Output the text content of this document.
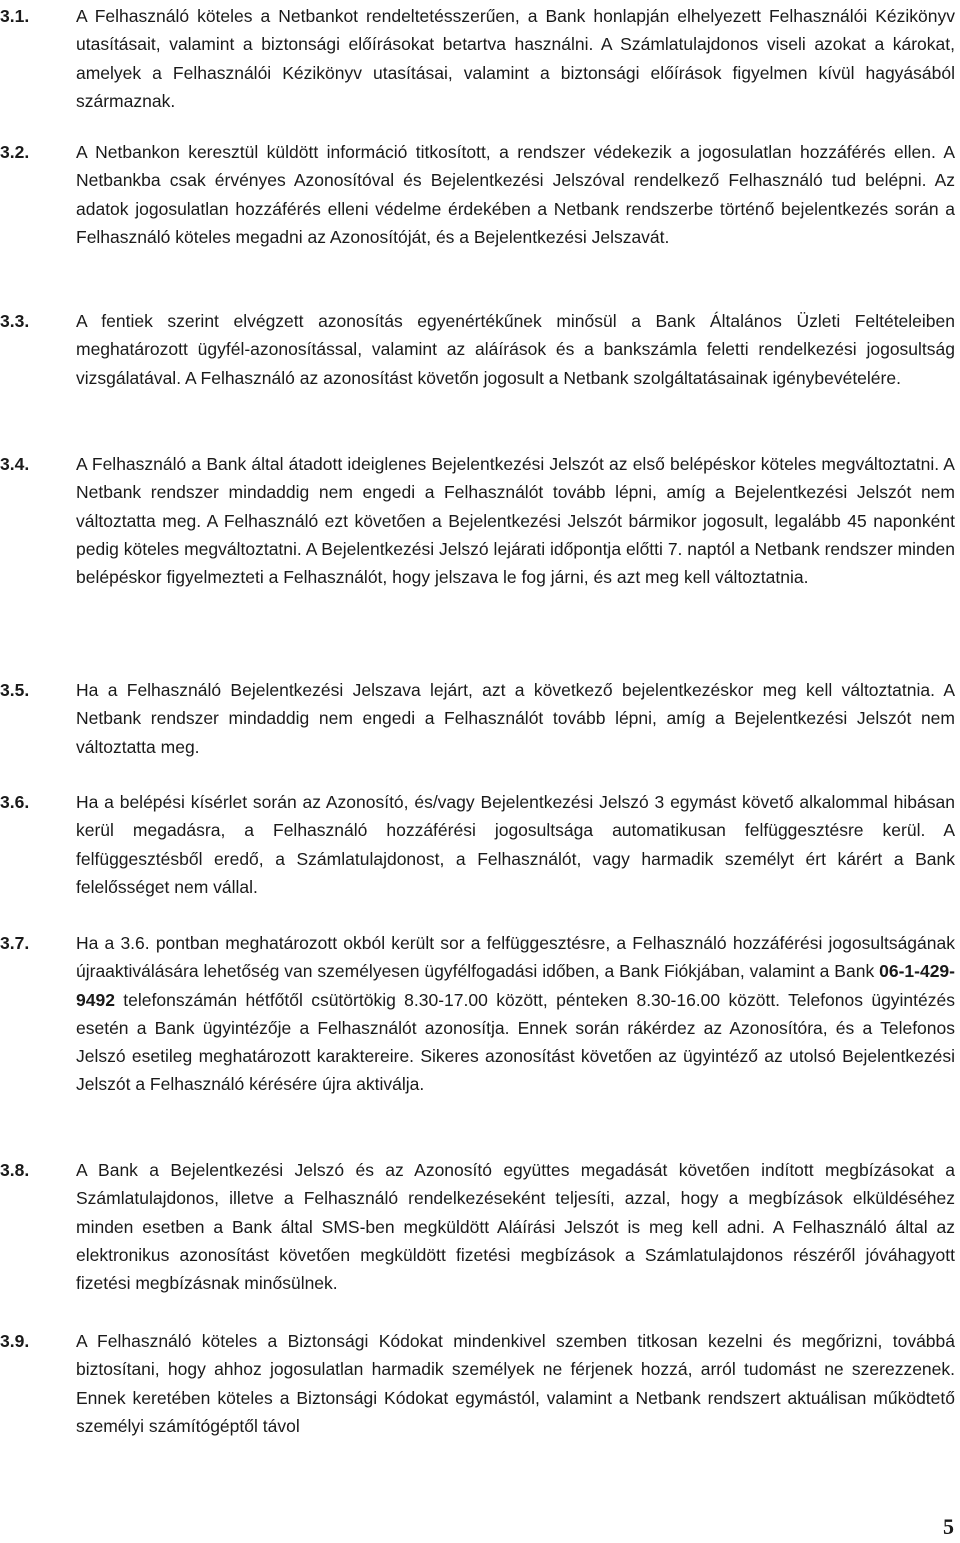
3.1.	A Felhasználó köteles a Netbankot rendeltetésszerűen, a Bank honlapján elhelyezett Felhasználói Kézikönyv utasításait, valamint a biztonsági előírásokat betartva használni. A Számlatulajdonos viseli azokat a károkat, amelyek a Felhasználói Kézikönyv utasításai, valamint a biztonsági előírások figyelmen kívül hagyásából származnak.

3.2.	A Netbankon keresztül küldött információ titkosított, a rendszer védekezik a jogosulatlan hozzáférés ellen. A Netbankba csak érvényes Azonosítóval és Bejelentkezési Jelszóval rendelkező Felhasználó tud belépni. Az adatok jogosulatlan hozzáférés elleni védelme érdekében a Netbank rendszerbe történő bejelentkezés során a Felhasználó köteles megadni az Azonosítóját, és a Bejelentkezési Jelszavát.

3.3.	A fentiek szerint elvégzett azonosítás egyenértékűnek minősül a Bank Általános Üzleti Feltételeiben meghatározott ügyfél-azonosítással, valamint az aláírások és a bankszámla feletti rendelkezési jogosultság vizsgálatával. A Felhasználó az azonosítást követőn jogosult a Netbank szolgáltatásainak igénybevételére.

3.4.	A Felhasználó a Bank által átadott ideiglenes Bejelentkezési Jelszót az első belépéskor köteles megváltoztatni. A Netbank rendszer mindaddig nem engedi a Felhasználót tovább lépni, amíg a Bejelentkezési Jelszót nem változtatta meg. A Felhasználó ezt követően a Bejelentkezési Jelszót bármikor jogosult, legalább 45 naponként pedig köteles megváltoztatni. A Bejelentkezési Jelszó lejárati időpontja előtti 7. naptól a Netbank rendszer minden belépéskor figyelmezteti a Felhasználót, hogy jelszava le fog járni, és azt meg kell változtatnia.

3.5.	Ha a Felhasználó Bejelentkezési Jelszava lejárt, azt a következő bejelentkezéskor meg kell változtatnia. A Netbank rendszer mindaddig nem engedi a Felhasználót tovább lépni, amíg a Bejelentkezési Jelszót nem változtatta meg.

3.6.	Ha a belépési kísérlet során az Azonosító, és/vagy Bejelentkezési Jelszó 3 egymást követő alkalommal hibásan kerül megadásra, a Felhasználó hozzáférési jogosultsága automatikusan felfüggesztésre kerül. A felfüggesztésből eredő, a Számlatulajdonost, a Felhasználót, vagy harmadik személyt ért kárért a Bank felelősséget nem vállal.

3.7.	Ha a 3.6. pontban meghatározott okból került sor a felfüggesztésre, a Felhasználó hozzáférési jogosultságának újraaktiválására lehetőség van személyesen ügyfélfogadási időben, a Bank Fiókjában, valamint a Bank 06-1-429-9492 telefonszámán hétfőtől csütörtökig 8.30-17.00 között, pénteken 8.30-16.00 között. Telefonos ügyintézés esetén a Bank ügyintézője a Felhasználót azonosítja. Ennek során rákérdez az Azonosítóra, és a Telefonos Jelszó esetileg meghatározott karaktereire. Sikeres azonosítást követően az ügyintéző az utolsó Bejelentkezési Jelszót a Felhasználó kérésére újra aktiválja.

3.8.	A Bank a Bejelentkezési Jelszó és az Azonosító együttes megadását követően indított megbízásokat a Számlatulajdonos, illetve a Felhasználó rendelkezéseként teljesíti, azzal, hogy a megbízások elküldéséhez minden esetben a Bank által SMS-ben megküldött Aláírási Jelszót is meg kell adni. A Felhasználó által az elektronikus azonosítást követően megküldött fizetési megbízások a Számlatulajdonos részéről jóváhagyott fizetési megbízásnak minősülnek.

3.9.	A Felhasználó köteles a Biztonsági Kódokat mindenkivel szemben titkosan kezelni és megőrizni, továbbá biztosítani, hogy ahhoz jogosulatlan harmadik személyek ne férjenek hozzá, arról tudomást ne szerezzenek. Ennek keretében köteles a Biztonsági Kódokat egymástól, valamint a Netbank rendszert aktuálisan működtető személyi számítógéptől távol

5
